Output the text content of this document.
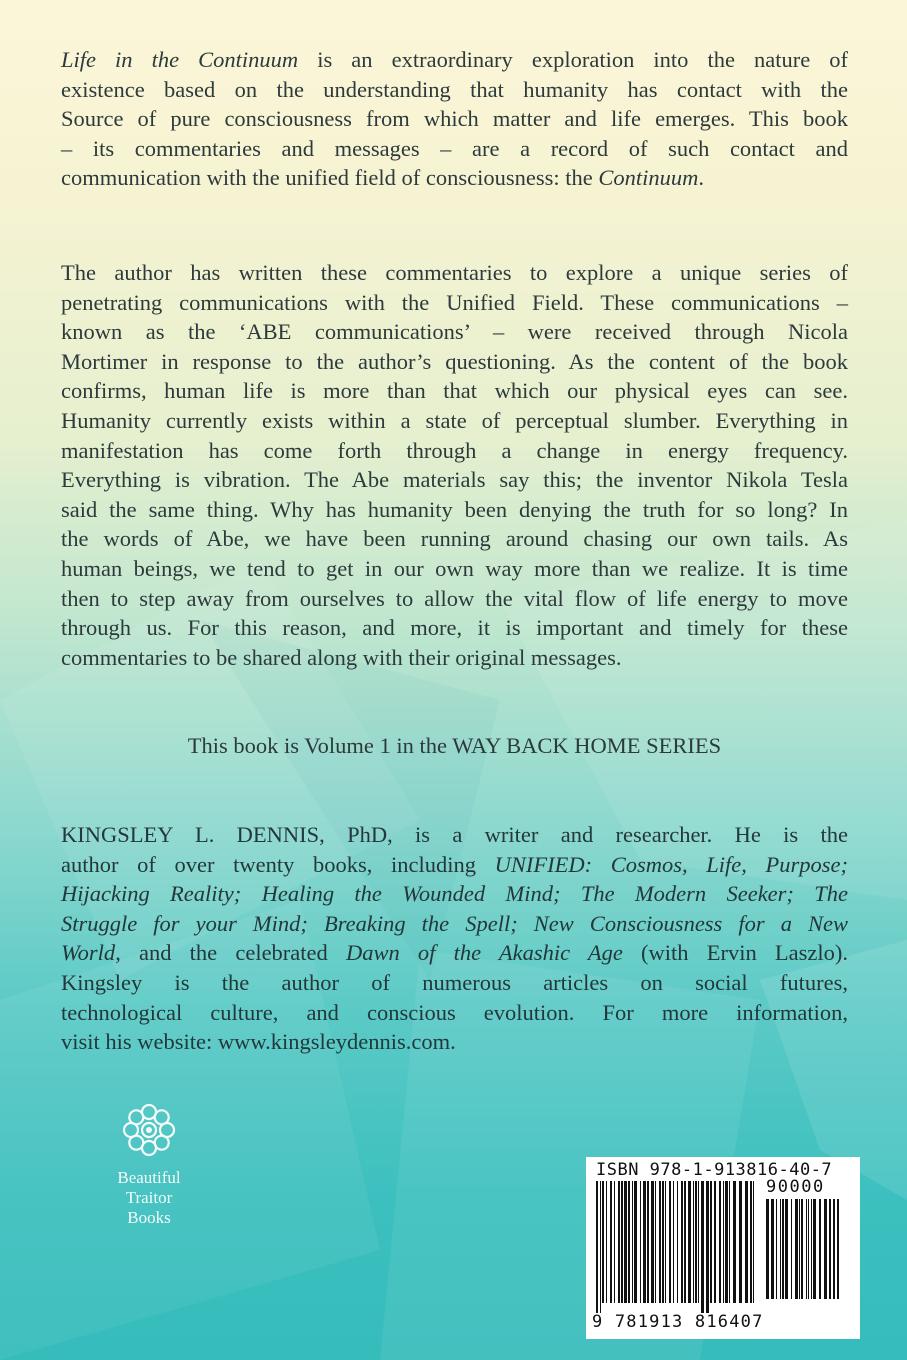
Life in the Continuum is an extraordinary exploration into the nature of

existence based on the understanding that humanity has contact with the

Source of pure consciousness from which matter and life emerges. This book

– its commentaries and messages – are a record of such contact and

communication with the unified field of consciousness: the Continuum.

The author has written these commentaries to explore a unique series of

penetrating communications with the Unified Field. These communications –

known as the ‘ABE communications’ – were received through Nicola

Mortimer in response to the author’s questioning. As the content of the book

confirms, human life is more than that which our physical eyes can see.

Humanity currently exists within a state of perceptual slumber. Everything in

manifestation has come forth through a change in energy frequency.

Everything is vibration. The Abe materials say this; the inventor Nikola Tesla

said the same thing. Why has humanity been denying the truth for so long? In

the words of Abe, we have been running around chasing our own tails. As

human beings, we tend to get in our own way more than we realize. It is time

then to step away from ourselves to allow the vital flow of life energy to move

through us. For this reason, and more, it is important and timely for these

commentaries to be shared along with their original messages.

This book is Volume 1 in the WAY BACK HOME SERIES

KINGSLEY L. DENNIS, PhD, is a writer and researcher. He is the

author of over twenty books, including UNIFIED: Cosmos, Life, Purpose;

Hijacking Reality; Healing the Wounded Mind; The Modern Seeker; The

Struggle for your Mind; Breaking the Spell; New Consciousness for a New

World, and the celebrated Dawn of the Akashic Age (with Ervin Laszlo).

Kingsley is the author of numerous articles on social futures,

technological culture, and conscious evolution. For more information,

visit his website: www.kingsleydennis.com.

Beautiful
Traitor
Books
ISBN 978-1-913816-40-7
90000
9 781913 816407
